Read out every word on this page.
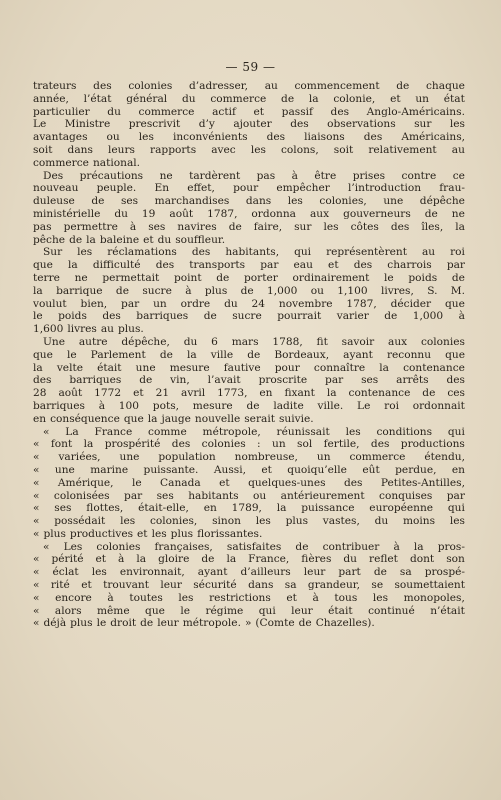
— 59 —
trateurs des colonies d’adresser, au commencement de chaque
année, l’état général du commerce de la colonie, et un état
particulier du commerce actif et passif des Anglo-Américains.
Le Ministre prescrivit d’y ajouter des observations sur les
avantages ou les inconvénients des liaisons des Américains,
soit dans leurs rapports avec les colons, soit relativement au
commerce national.
Des précautions ne tardèrent pas à être prises contre ce
nouveau peuple. En effet, pour empêcher l’introduction frau-
duleuse de ses marchandises dans les colonies, une dépêche
ministérielle du 19 août 1787, ordonna aux gouverneurs de ne
pas permettre à ses navires de faire, sur les côtes des îles, la
pêche de la baleine et du souffleur.
Sur les réclamations des habitants, qui représentèrent au roi
que la difficulté des transports par eau et des charrois par
terre ne permettait point de porter ordinairement le poids de
la barrique de sucre à plus de 1,000 ou 1,100 livres, S. M.
voulut bien, par un ordre du 24 novembre 1787, décider que
le poids des barriques de sucre pourrait varier de 1,000 à
1,600 livres au plus.
Une autre dépêche, du 6 mars 1788, fit savoir aux colonies
que le Parlement de la ville de Bordeaux, ayant reconnu que
la velte était une mesure fautive pour connaître la contenance
des barriques de vin, l’avait proscrite par ses arrêts des
28 août 1772 et 21 avril 1773, en fixant la contenance de ces
barriques à 100 pots, mesure de ladite ville. Le roi ordonnait
en conséquence que la jauge nouvelle serait suivie.
« La France comme métropole, réunissait les conditions qui
« font la prospérité des colonies : un sol fertile, des productions
« variées, une population nombreuse, un commerce étendu,
« une marine puissante. Aussi, et quoiqu’elle eût perdue, en
« Amérique, le Canada et quelques-unes des Petites-Antilles,
« colonisées par ses habitants ou antérieurement conquises par
« ses flottes, était-elle, en 1789, la puissance européenne qui
« possédait les colonies, sinon les plus vastes, du moins les
« plus productives et les plus florissantes.
« Les colonies françaises, satisfaites de contribuer à la pros-
« périté et à la gloire de la France, fières du reflet dont son
« éclat les environnait, ayant d’ailleurs leur part de sa prospé-
« rité et trouvant leur sécurité dans sa grandeur, se soumettaient
« encore à toutes les restrictions et à tous les monopoles,
« alors même que le régime qui leur était continué n’était
« déjà plus le droit de leur métropole. » (Comte de Chazelles).
